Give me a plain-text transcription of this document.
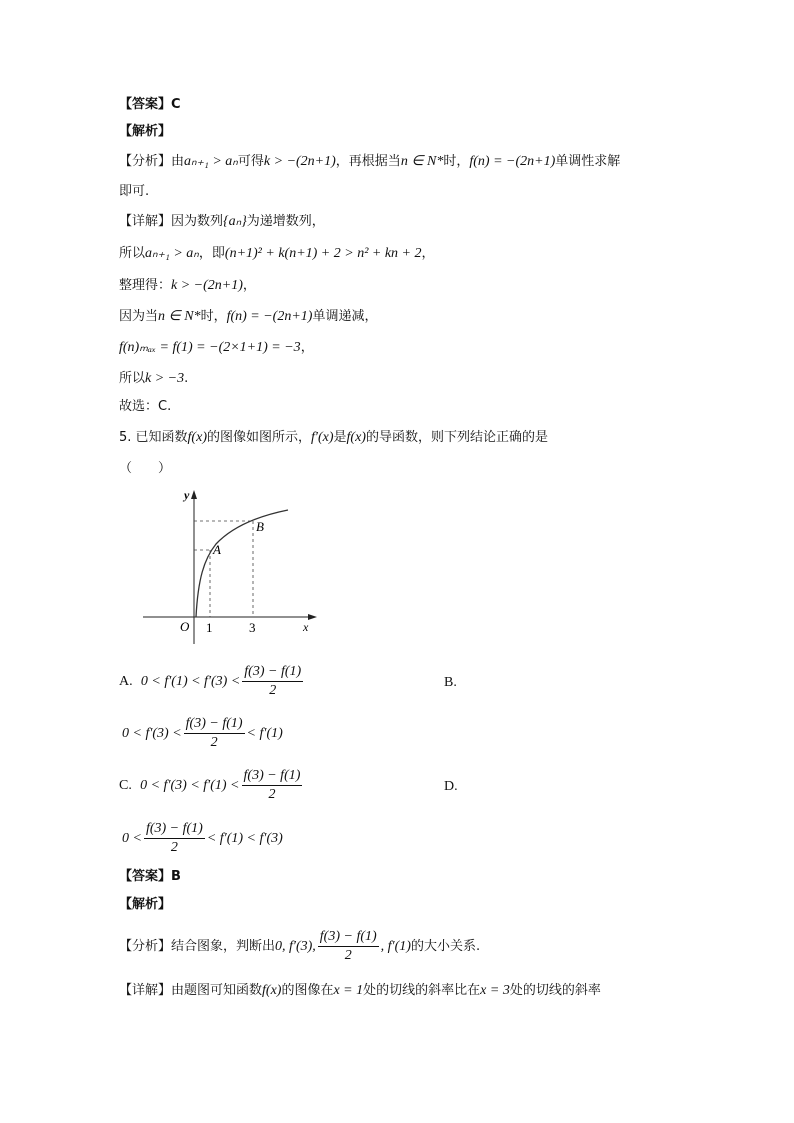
【答案】C
【解析】
【分析】由aₙ₊₁ > aₙ可得k > −(2n+1)，再根据当n ∈ N*时，f(n) = −(2n+1)单调性求解
即可.
【详解】因为数列{aₙ}为递增数列，
所以aₙ₊₁ > aₙ，即(n+1)² + k(n+1) + 2 > n² + kn + 2，
整理得：k > −(2n+1)，
因为当n ∈ N*时，f(n) = −(2n+1)单调递减，
f(n)ₘₐₓ = f(1) = −(2×1+1) = −3，
所以k > −3.
故选：C.
5. 已知函数f(x)的图像如图所示，f′(x)是f(x)的导函数，则下列结论正确的是
（　　）
y
x
O 1	3
A
B
A. $0 < f'(1) < f'(3) < \frac{f(3) - f(1)}{2}$	B.
$0 < f'(3) < \frac{f(3) - f(1)}{2} < f'(1)$
C. $0 < f'(3) < f'(1) < \frac{f(3) - f(1)}{2}$	D.
$0 < \frac{f(3) - f(1)}{2} < f'(1) < f'(3)$
【答案】B
【解析】
【分析】结合图象，判断出0, f′(3), $\frac{f(3) - f(1)}{2}$ , f′(1)的大小关系.
【详解】由题图可知函数f(x)的图像在x = 1处的切线的斜率比在x = 3处的切线的斜率
